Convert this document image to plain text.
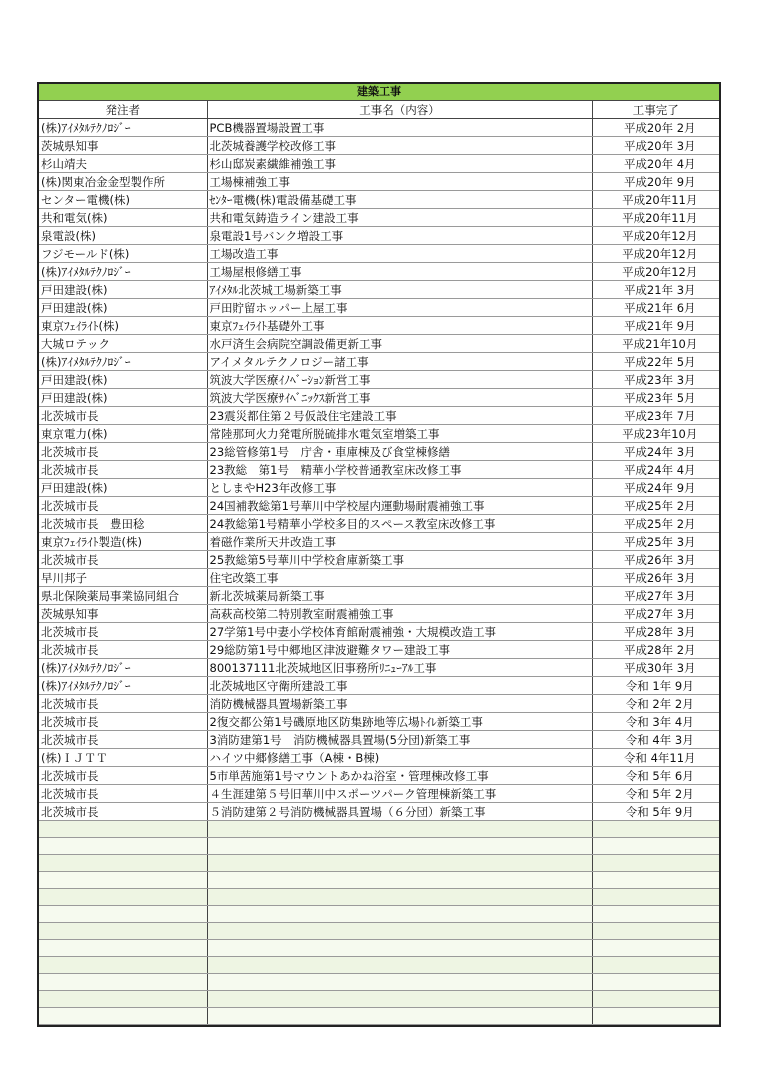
建築工事		
発注者	工事名（内容）	工事完了
(株)ｱｲﾒﾀﾙﾃｸﾉﾛｼﾞｰ	PCB機器置場設置工事	平成20年 2月
茨城県知事	北茨城養護学校改修工事	平成20年 3月
杉山靖夫	杉山邸炭素繊維補強工事	平成20年 4月
(株)関東冶金金型製作所	工場棟補強工事	平成20年 9月
センター電機(株)	ｾﾝﾀｰ電機(株)電設備基礎工事	平成20年11月
共和電気(株)	共和電気鋳造ライン建設工事	平成20年11月
泉電設(株)	泉電設1号バンク増設工事	平成20年12月
フジモールド(株)	工場改造工事	平成20年12月
(株)ｱｲﾒﾀﾙﾃｸﾉﾛｼﾞｰ	工場屋根修繕工事	平成20年12月
戸田建設(株)	ｱｲﾒﾀﾙ北茨城工場新築工事	平成21年 3月
戸田建設(株)	戸田貯留ホッパー上屋工事	平成21年 6月
東京ﾌｪｲﾗｲﾄ(株)	東京ﾌｪｲﾗｲﾄ基礎外工事	平成21年 9月
大城ロテック	水戸済生会病院空調設備更新工事	平成21年10月
(株)ｱｲﾒﾀﾙﾃｸﾉﾛｼﾞｰ	アイメタルテクノロジー諸工事	平成22年 5月
戸田建設(株)	筑波大学医療ｲﾉﾍﾞｰｼｮﾝ新営工事	平成23年 3月
戸田建設(株)	筑波大学医療ｻｲﾍﾞﾆｯｸｽ新営工事	平成23年 5月
北茨城市長	23震災都住第２号仮設住宅建設工事	平成23年 7月
東京電力(株)	常陸那珂火力発電所脱硫排水電気室増築工事	平成23年10月
北茨城市長	23総管修第1号　庁舎・車庫棟及び食堂棟修繕	平成24年 3月
北茨城市長	23教総　第1号　精華小学校普通教室床改修工事	平成24年 4月
戸田建設(株)	としまやH23年改修工事	平成24年 9月
北茨城市長	24国補教総第1号華川中学校屋内運動場耐震補強工事	平成25年 2月
北茨城市長　豊田稔	24教総第1号精華小学校多目的スペース教室床改修工事	平成25年 2月
東京ﾌｪｲﾗｲﾄ製造(株)	着磁作業所天井改造工事	平成25年 3月
北茨城市長	25教総第5号華川中学校倉庫新築工事	平成26年 3月
早川邦子	住宅改築工事	平成26年 3月
県北保険薬局事業協同組合	新北茨城薬局新築工事	平成27年 3月
茨城県知事	高萩高校第二特別教室耐震補強工事	平成27年 3月
北茨城市長	27学第1号中妻小学校体育館耐震補強・大規模改造工事	平成28年 3月
北茨城市長	29総防第1号中郷地区津波避難タワー建設工事	平成28年 2月
(株)ｱｲﾒﾀﾙﾃｸﾉﾛｼﾞｰ	800137111北茨城地区旧事務所ﾘﾆｭｰｱﾙ工事	平成30年 3月
(株)ｱｲﾒﾀﾙﾃｸﾉﾛｼﾞｰ	北茨城地区守衛所建設工事	令和 1年 9月
北茨城市長	消防機械器具置場新築工事	令和 2年 2月
北茨城市長	2復交都公第1号磯原地区防集跡地等広場ﾄｲﾚ新築工事	令和 3年 4月
北茨城市長	3消防建第1号　消防機械器具置場(5分団)新築工事	令和 4年 3月
(株)ＩＪＴＴ	ハイツ中郷修繕工事（A棟・B棟)	令和 4年11月
北茨城市長	5市単茜施第1号マウントあかね浴室・管理棟改修工事	令和 5年 6月
北茨城市長	４生涯建第５号旧華川中スポーツパーク管理棟新築工事	令和 5年 2月
北茨城市長	５消防建第２号消防機械器具置場（６分団）新築工事	令和 5年 9月
